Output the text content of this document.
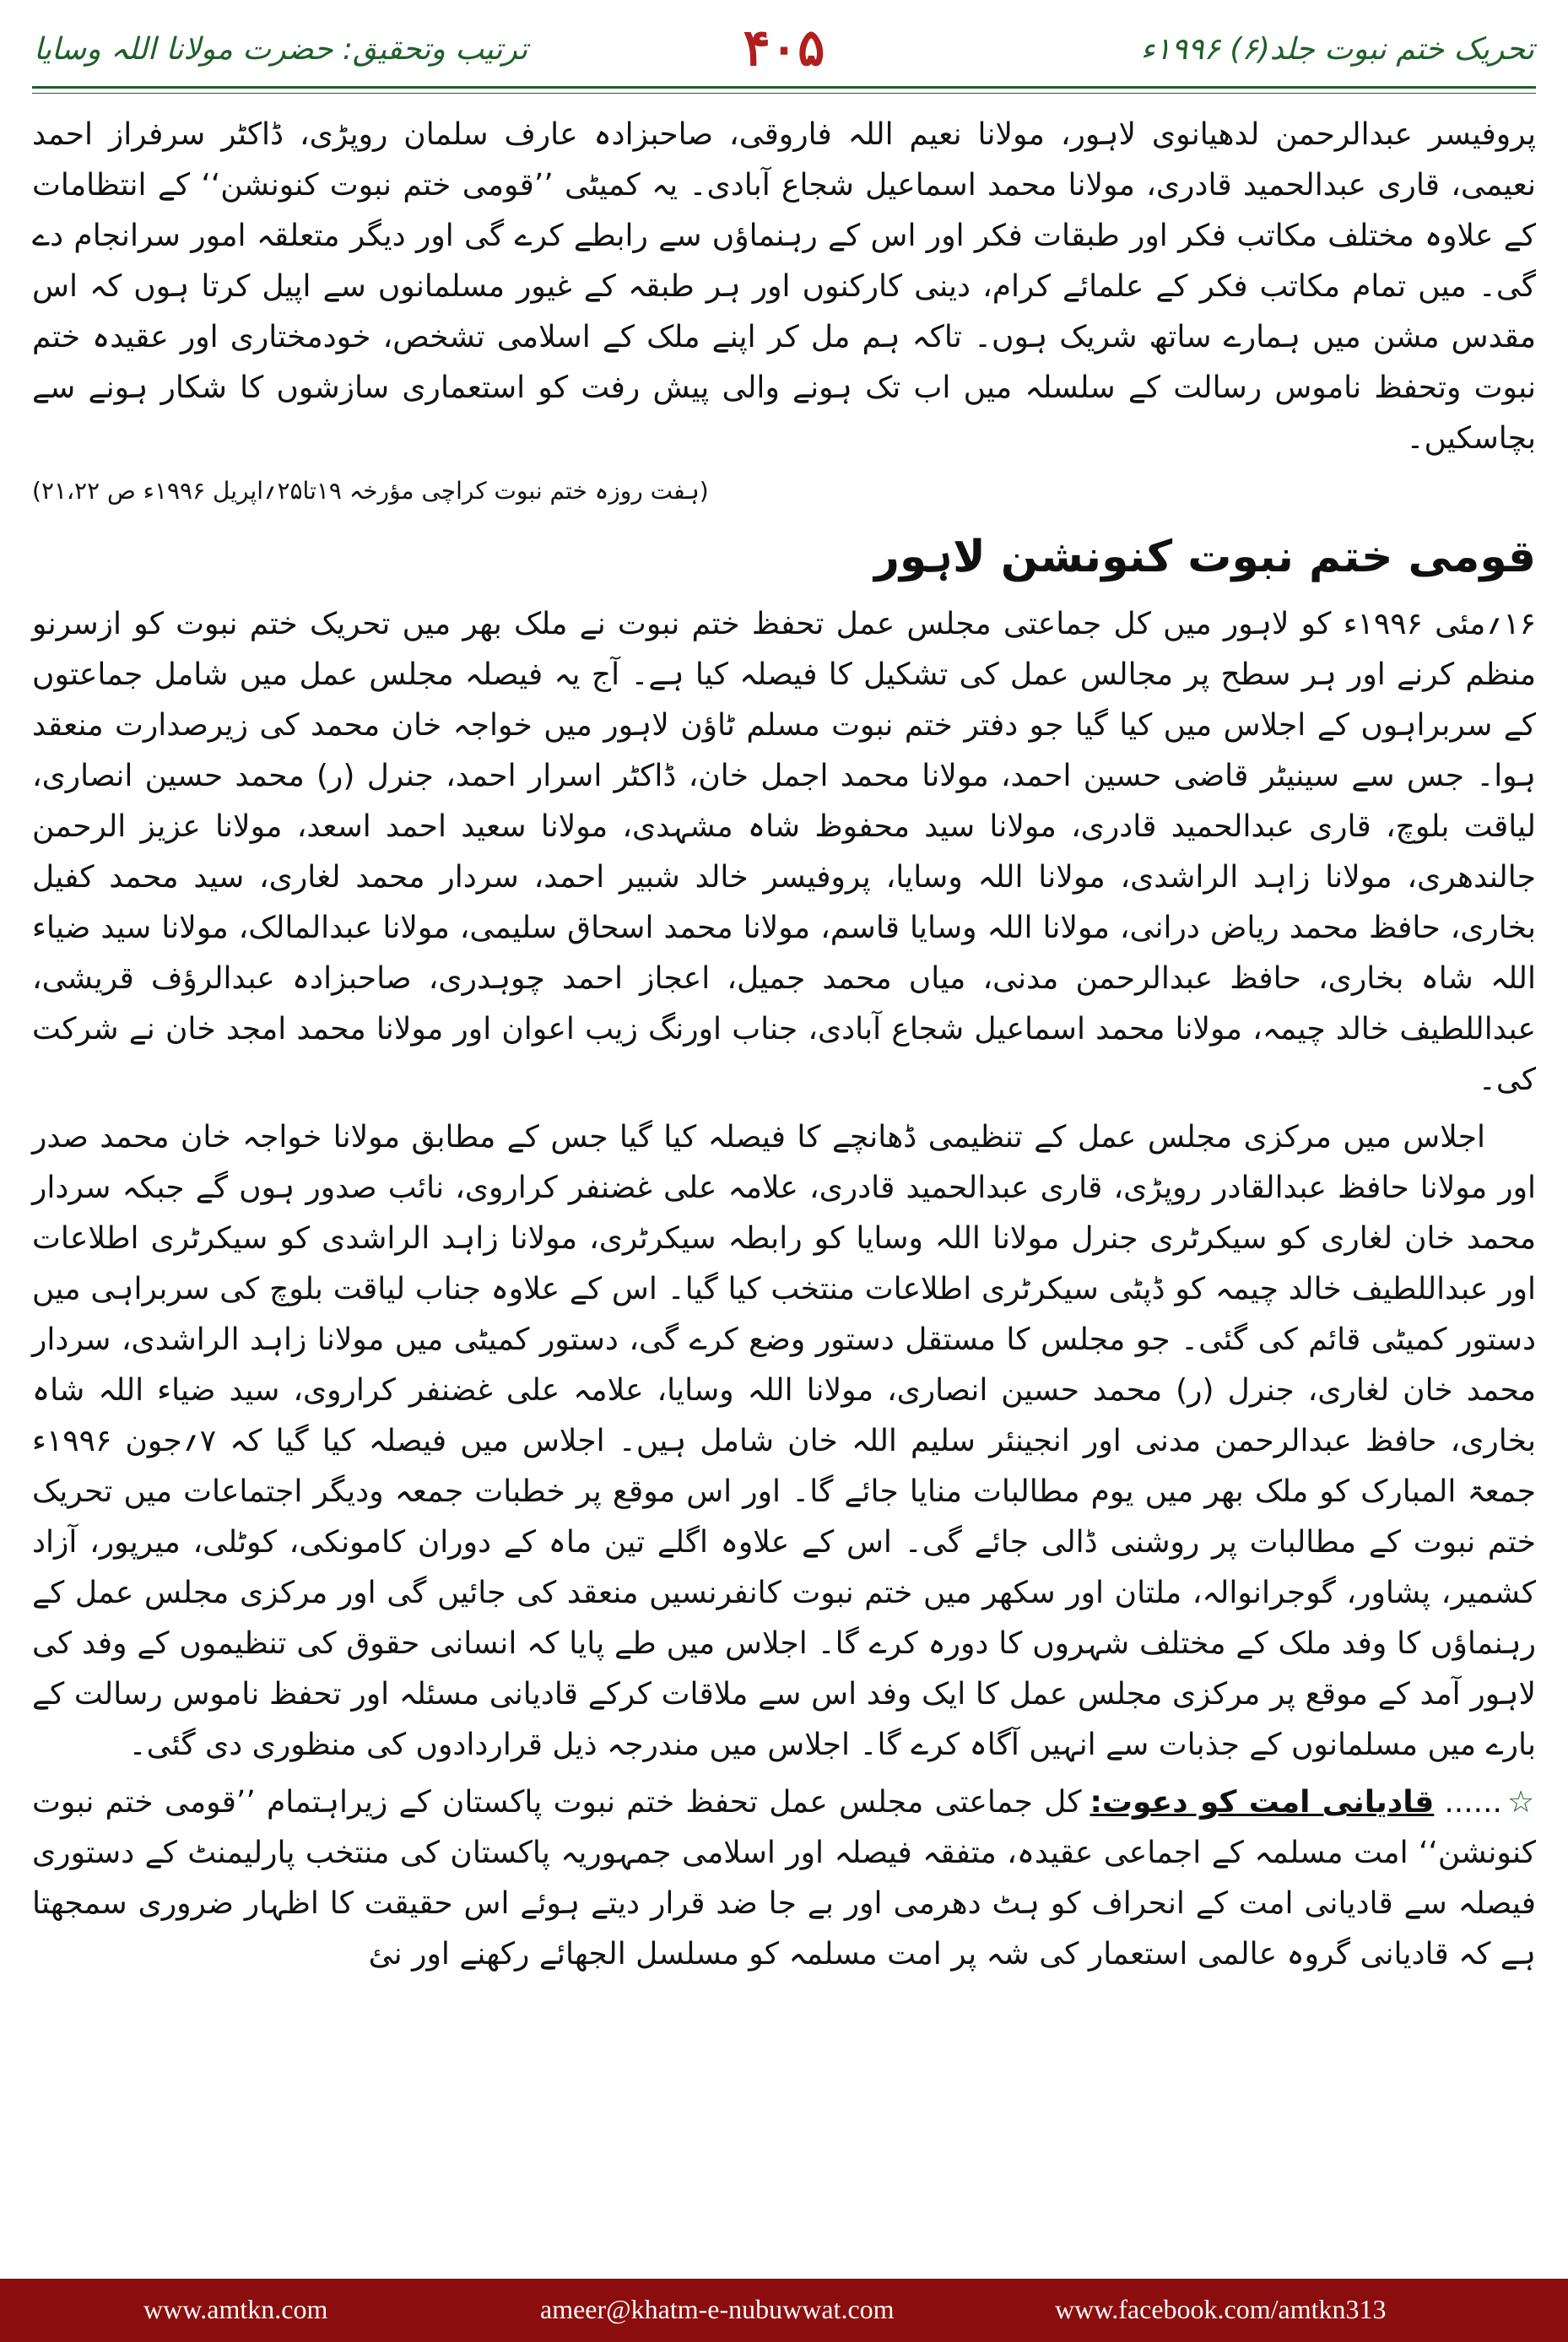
تحریک ختم نبوت جلد(۶) ۱۹۹۶ء
۴۰۵
ترتیب وتحقیق: حضرت مولانا اللہ وسایا

پروفیسر عبدالرحمن لدھیانوی لاہور، مولانا نعیم اللہ فاروقی، صاحبزادہ عارف سلمان روپڑی، ڈاکٹر سرفراز احمد نعیمی، قاری عبدالحمید قادری، مولانا محمد اسماعیل شجاع آبادی۔ یہ کمیٹی ’’قومی ختم نبوت کنونشن‘‘ کے انتظامات کے علاوہ مختلف مکاتب فکر اور طبقات فکر اور اس کے رہنماؤں سے رابطے کرے گی اور دیگر متعلقہ امور سرانجام دے گی۔ میں تمام مکاتب فکر کے علمائے کرام، دینی کارکنوں اور ہر طبقہ کے غیور مسلمانوں سے اپیل کرتا ہوں کہ اس مقدس مشن میں ہمارے ساتھ شریک ہوں۔ تاکہ ہم مل کر اپنے ملک کے اسلامی تشخص، خودمختاری اور عقیدہ ختم نبوت وتحفظ ناموس رسالت کے سلسلہ میں اب تک ہونے والی پیش رفت کو استعماری سازشوں کا شکار ہونے سے بچاسکیں۔

(ہفت روزہ ختم نبوت کراچی مؤرخہ ۱۹تا۲۵؍اپریل ۱۹۹۶ء ص ۲۱،۲۲)

قومی ختم نبوت کنونشن لاہور

۱۶؍مئی ۱۹۹۶ء کو لاہور میں کل جماعتی مجلس عمل تحفظ ختم نبوت نے ملک بھر میں تحریک ختم نبوت کو ازسرنو منظم کرنے اور ہر سطح پر مجالس عمل کی تشکیل کا فیصلہ کیا ہے۔ آج یہ فیصلہ مجلس عمل میں شامل جماعتوں کے سربراہوں کے اجلاس میں کیا گیا جو دفتر ختم نبوت مسلم ٹاؤن لاہور میں خواجہ خان محمد کی زیرصدارت منعقد ہوا۔ جس سے سینیٹر قاضی حسین احمد، مولانا محمد اجمل خان، ڈاکٹر اسرار احمد، جنرل (ر) محمد حسین انصاری، لیاقت بلوچ، قاری عبدالحمید قادری، مولانا سید محفوظ شاہ مشہدی، مولانا سعید احمد اسعد، مولانا عزیز الرحمن جالندھری، مولانا زاہد الراشدی، مولانا اللہ وسایا، پروفیسر خالد شبیر احمد، سردار محمد لغاری، سید محمد کفیل بخاری، حافظ محمد ریاض درانی، مولانا اللہ وسایا قاسم، مولانا محمد اسحاق سلیمی، مولانا عبدالمالک، مولانا سید ضیاء اللہ شاہ بخاری، حافظ عبدالرحمن مدنی، میاں محمد جمیل، اعجاز احمد چوہدری، صاحبزادہ عبدالرؤف قریشی، عبداللطیف خالد چیمہ، مولانا محمد اسماعیل شجاع آبادی، جناب اورنگ زیب اعوان اور مولانا محمد امجد خان نے شرکت کی۔

اجلاس میں مرکزی مجلس عمل کے تنظیمی ڈھانچے کا فیصلہ کیا گیا جس کے مطابق مولانا خواجہ خان محمد صدر اور مولانا حافظ عبدالقادر روپڑی، قاری عبدالحمید قادری، علامہ علی غضنفر کراروی، نائب صدور ہوں گے جبکہ سردار محمد خان لغاری کو سیکرٹری جنرل مولانا اللہ وسایا کو رابطہ سیکرٹری، مولانا زاہد الراشدی کو سیکرٹری اطلاعات اور عبداللطیف خالد چیمہ کو ڈپٹی سیکرٹری اطلاعات منتخب کیا گیا۔ اس کے علاوہ جناب لیاقت بلوچ کی سربراہی میں دستور کمیٹی قائم کی گئی۔ جو مجلس کا مستقل دستور وضع کرے گی، دستور کمیٹی میں مولانا زاہد الراشدی، سردار محمد خان لغاری، جنرل (ر) محمد حسین انصاری، مولانا اللہ وسایا، علامہ علی غضنفر کراروی، سید ضیاء اللہ شاہ بخاری، حافظ عبدالرحمن مدنی اور انجینئر سلیم اللہ خان شامل ہیں۔ اجلاس میں فیصلہ کیا گیا کہ ۷؍جون ۱۹۹۶ء جمعۃ المبارک کو ملک بھر میں یوم مطالبات منایا جائے گا۔ اور اس موقع پر خطبات جمعہ ودیگر اجتماعات میں تحریک ختم نبوت کے مطالبات پر روشنی ڈالی جائے گی۔ اس کے علاوہ اگلے تین ماہ کے دوران کامونکی، کوٹلی، میرپور، آزاد کشمیر، پشاور، گوجرانوالہ، ملتان اور سکھر میں ختم نبوت کانفرنسیں منعقد کی جائیں گی اور مرکزی مجلس عمل کے رہنماؤں کا وفد ملک کے مختلف شہروں کا دورہ کرے گا۔ اجلاس میں طے پایا کہ انسانی حقوق کی تنظیموں کے وفد کی لاہور آمد کے موقع پر مرکزی مجلس عمل کا ایک وفد اس سے ملاقات کرکے قادیانی مسئلہ اور تحفظ ناموس رسالت کے بارے میں مسلمانوں کے جذبات سے انہیں آگاہ کرے گا۔ اجلاس میں مندرجہ ذیل قراردادوں کی منظوری دی گئی۔

☆......قادیانی امت کو دعوت:کل جماعتی مجلس عمل تحفظ ختم نبوت پاکستان کے زیراہتمام ’’قومی ختم نبوت کنونشن‘‘ امت مسلمہ کے اجماعی عقیدہ، متفقہ فیصلہ اور اسلامی جمہوریہ پاکستان کی منتخب پارلیمنٹ کے دستوری فیصلہ سے قادیانی امت کے انحراف کو ہٹ دھرمی اور بے جا ضد قرار دیتے ہوئے اس حقیقت کا اظہار ضروری سمجھتا ہے کہ قادیانی گروہ عالمی استعمار کی شہ پر امت مسلمہ کو مسلسل الجھائے رکھنے اور نئ

www.amtkn.com	ameer@khatm-e-nubuwwat.com	www.facebook.com/amtkn313
